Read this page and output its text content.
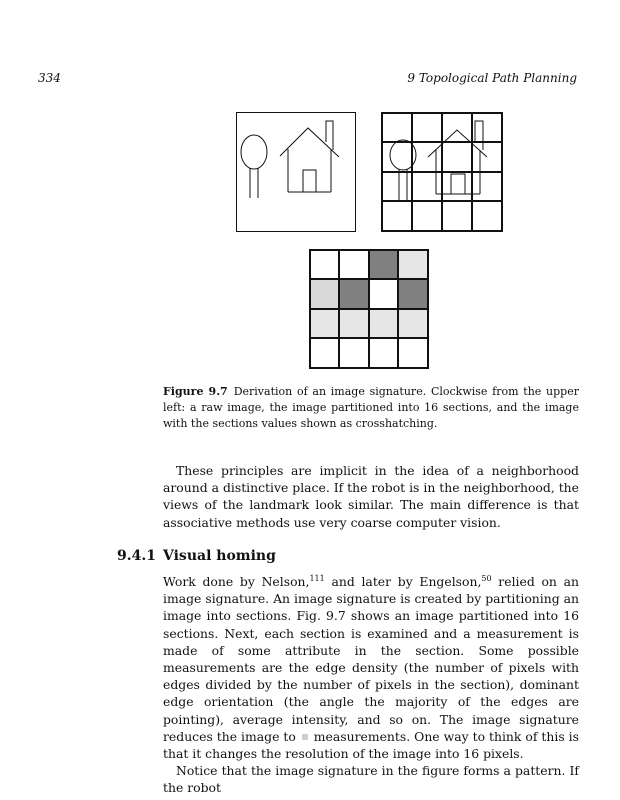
334	9 Topological Path Planning
Figure 9.7 Derivation of an image signature. Clockwise from the upper left: a raw image, the image partitioned into 16 sections, and the image with the sections values shown as crosshatching.

These principles are implicit in the idea of a neighborhood around a distinctive place. If the robot is in the neighborhood, the views of the landmark look similar. The main difference is that associative methods use very coarse computer vision.

9.4.1 Visual homing

Work done by Nelson,$^{111}$ and later by Engelson,$^{50}$ relied on an image signature. An image signature is created by partitioning an image into sections. Fig. 9.7 shows an image partitioned into 16 sections. Next, each section is examined and a measurement is made of some attribute in the section. Some possible measurements are the edge density (the number of pixels with edges divided by the number of pixels in the section), dominant edge orientation (the angle the majority of the edges are pointing), average intensity, and so on. The image signature reduces the image to  measurements. One way to think of this is that it changes the resolution of the image into 16 pixels.

Notice that the image signature in the figure forms a pattern. If the robot
